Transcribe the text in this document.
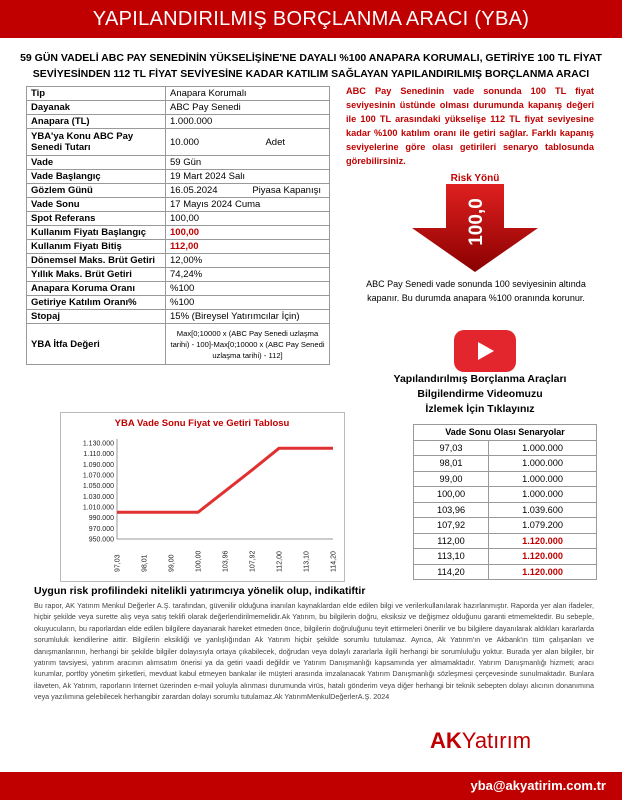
YAPILANDIRILMIŞ BORÇLANMA ARACI (YBA)
59 GÜN VADELİ ABC PAY SENEDİNİN YÜKSELİŞİNE'NE DAYALI %100 ANAPARA KORUMALI, GETİRİYE 100 TL FİYAT SEVİYESİNDEN 112 TL FİYAT SEVİYESİNE KADAR KATILIM SAĞLAYAN YAPILANDIRILMIŞ BORÇLANMA ARACI
Tip	Anapara Korumalı
Dayanak	ABC Pay Senedi
Anapara (TL)	1.000.000
YBA'ya Konu ABC Pay Senedi Tutarı	10.000 Adet

Vade	59 Gün
Vade Başlangıç	19 Mart 2024 Salı
Gözlem Günü	16.05.2024 Piyasa Kapanışı

Vade Sonu	17 Mayıs 2024 Cuma
Spot Referans	100,00
Kullanım Fiyatı Başlangıç	100,00
Kullanım Fiyatı Bitiş	112,00
Dönemsel Maks. Brüt Getiri	12,00%
Yıllık Maks. Brüt Getiri	74,24%
Anapara Koruma Oranı	%100
Getiriye Katılım Oranı%	%100
Stopaj	15% (Bireysel Yatırımcılar İçin)
YBA İtfa Değeri	Max[0;10000 x (ABC Pay Senedi uzlaşma tarihi) - 100]-Max[0;10000 x (ABC Pay Senedi uzlaşma tarihi) - 112]
ABC Pay Senedinin vade sonunda 100 TL fiyat seviyesinin üstünde olması durumunda kapanış değeri ile 100 TL arasındaki yükselişe 112 TL fiyat seviyesine kadar %100 katılım oranı ile getiri sağlar. Farklı kapanış seviyelerine göre olası getirileri senaryo tablosunda görebilirsiniz.
Risk Yönü
100,0
ABC Pay Senedi vade sonunda 100 seviyesinin altında kapanır. Bu durumda anapara %100 oranında korunur.
Yapılandırılmış Borçlanma Araçları
Bilgilendirme Videomuzu
İzlemek İçin Tıklayınız
Vade Sonu Olası Senaryolar	
97,03	1.000.000
98,01	1.000.000
99,00	1.000.000
100,00	1.000.000
103,96	1.039.600
107,92	1.079.200
112,00	1.120.000
113,10	1.120.000
114,20	1.120.000
YBA Vade Sonu Fiyat ve Getiri Tablosu
950.000
970.000
990.000
1.010.000
1.030.000
1.050.000
1.070.000
1.090.000
1.110.000
1.130.000
97,03	98,01	99,00	100,00	103,96	107,92	112,00	113,10	114,20
Uygun risk profilindeki nitelikli yatırımcıya yönelik olup, indikatiftir
Bu rapor, AK Yatırım Menkul Değerler A.Ş. tarafından, güvenilir olduğuna inanılan kaynaklardan elde edilen bilgi ve verilerkullanılarak hazırlanmıştır. Raporda yer alan ifadeler, hiçbir şekilde veya surette alış veya satış teklifi olarak değerlendirilmemelidir.Ak Yatırım, bu bilgilerin doğru, eksiksiz ve değişmez olduğunu garanti etmemektedir. Bu sebeple, okuyucuların, bu raporlardan elde edilen bilgilere dayanarak hareket etmeden önce, bilgilerin doğruluğunu teyit ettirmeleri önerilir ve bu bilgilere dayanılarak aldıkları kararlarda sorumluluk kendilerine aittir. Bilgilerin eksikliği ve yanlışlığından Ak Yatırım hiçbir şekilde sorumlu tutulamaz. Ayrıca, Ak Yatırım'ın ve Akbank'ın tüm çalışanları ve danışmanlarının, herhangi bir şekilde bilgiler dolayısıyla ortaya çıkabilecek, doğrudan veya dolaylı zararlarla ilgili herhangi bir sorumluluğu yoktur. Burada yer alan bilgiler, bir yatırım tavsiyesi, yatırım aracının alımsatım önerisi ya da getiri vaadi değildir ve Yatırım Danışmanlığı kapsamında yer almamaktadır. Yatırım Danışmanlığı hizmeti; aracı kurumlar, portföy yönetim şirketleri, mevduat kabul etmeyen bankalar ile müşteri arasında imzalanacak Yatırım Danışmanlığı sözleşmesi çerçevesinde sunulmaktadır. Bunlara ilaveten, Ak Yatırım, raporların Internet üzerinden e-mail yoluyla alınması durumunda virüs, hatalı gönderim veya diğer herhangi bir teknik sebepten dolayı alıcının donanımına veya yazılımına gelebilecek herhangibir zarardan dolayı sorumlu tutulamaz.Ak YatırımMenkulDeğerlerA.Ş. 2024
AKYatırım
yba@akyatirim.com.tr
